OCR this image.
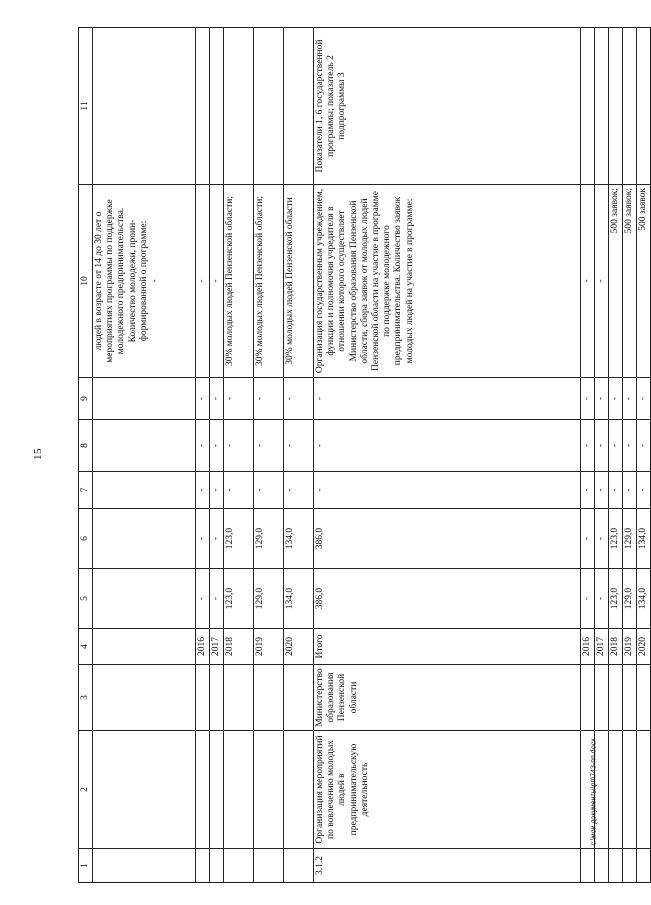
15
1	2	3	4	5	6	7	8	9	10	11

									людей в возрасте от 14 до 30 лет о мероприятиях программы по поддержке молодежного предпринимательства. Количество молодежи, проин- формированной о программе: -	

			2016	-	-	-	-	-	-	
			2017	-	-	-	-	-	-	
			2018	123,0	123,0	-	-	-	30% молодых людей Пензенской области;	
			2019	129,0	129,0	-	-	-	30% молодых людей Пензенской области;	
			2020	134,0	134,0	-	-	-	30% молодых людей Пензенской области	
3.1.2	Организация мероприятий по вовлечению молодых людей в предпринимательскую деятельность	Министерство образования Пензенской области	Итого	386,0	386,0	-	-	-	Организация государственным учреждением, функции и полномочия учредителя в отношении которого осуществляет Министерство образования Пензенской области, сбора заявок от молодых людей Пензенской области на участие в программе по поддержке молодежного предпринимательства. Количество заявок молодых людей на участие в программе:	Показатели 1, 6 государственной программы; показатель 2 подпрограммы 3
			2016	-	-	-	-	-	-	
			2017	-	-	-	-	-	-	
			2018	123,0	123,0	-	-	-	500 заявок;	
			2019	129,0	129,0	-	-	-	500 заявок;	
			2020	134,0	134,0	-	-	-	500 заявок	
c:\мои документы\рп\743-пп.docx
